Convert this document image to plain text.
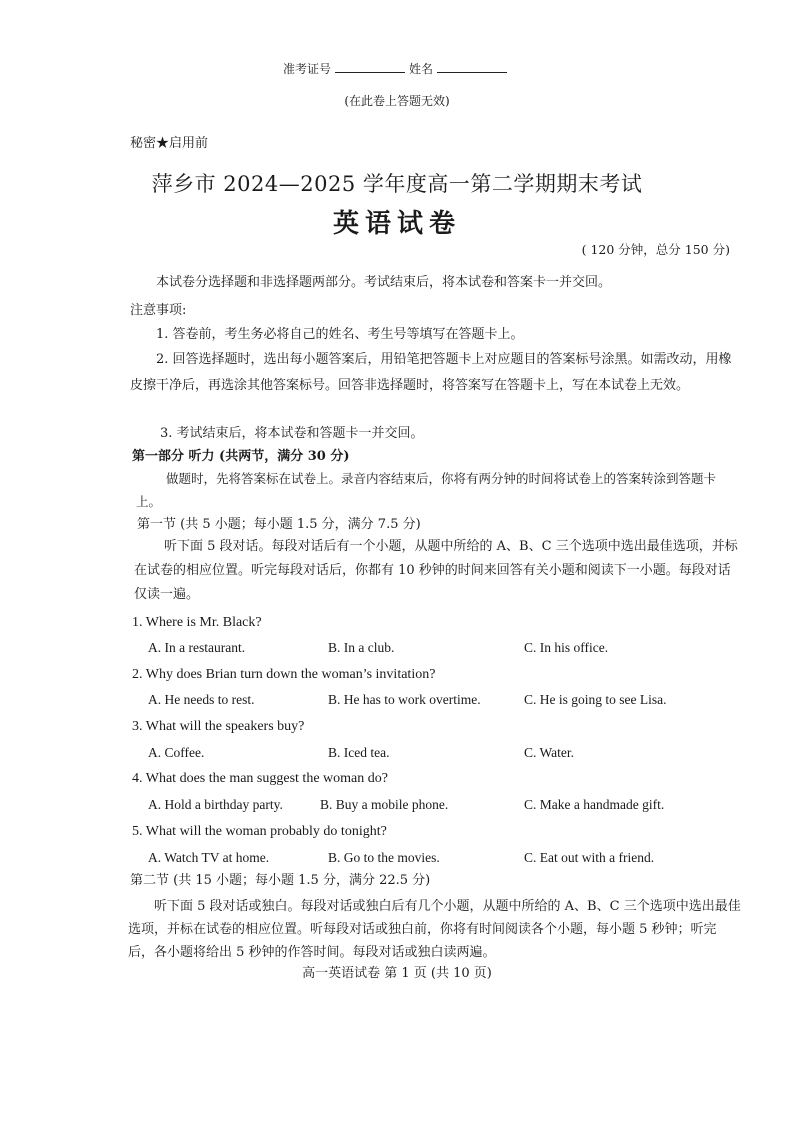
准考证号	姓名
(在此卷上答题无效)
秘密★启用前
萍乡市 2024—2025 学年度高一第二学期期末考试
英语试卷
( 120 分钟，总分 150 分)
本试卷分选择题和非选择题两部分。考试结束后，将本试卷和答案卡一并交回。
注意事项:
1. 答卷前，考生务必将自己的姓名、考生号等填写在答题卡上。
2. 回答选择题时，选出每小题答案后，用铅笔把答题卡上对应题目的答案标号涂黑。如需改动，用橡皮擦干净后，再选涂其他答案标号。回答非选择题时，将答案写在答题卡上，写在本试卷上无效。
3. 考试结束后，将本试卷和答题卡一并交回。
第一部分 听力 (共两节，满分 30 分)
做题时，先将答案标在试卷上。录音内容结束后，你将有两分钟的时间将试卷上的答案转涂到答题卡上。
第一节 (共 5 小题；每小题 1.5 分，满分 7.5 分)
听下面 5 段对话。每段对话后有一个小题，从题中所给的 A、B、C 三个选项中选出最佳选项，并标在试卷的相应位置。听完每段对话后，你都有 10 秒钟的时间来回答有关小题和阅读下一小题。每段对话仅读一遍。
1. Where is Mr. Black?
A. In a restaurant.	B. In a club.	C. In his office.
2. Why does Brian turn down the woman’s invitation?
A. He needs to rest.	B. He has to work overtime.	C. He is going to see Lisa.
3. What will the speakers buy?
A. Coffee.	B. Iced tea.	C. Water.
4. What does the man suggest the woman do?
A. Hold a birthday party.	B. Buy a mobile phone.	C. Make a handmade gift.
5. What will the woman probably do tonight?
A. Watch TV at home.	B. Go to the movies.	C. Eat out with a friend.
第二节 (共 15 小题；每小题 1.5 分，满分 22.5 分)
听下面 5 段对话或独白。每段对话或独白后有几个小题，从题中所给的 A、B、C 三个选项中选出最佳选项，并标在试卷的相应位置。听每段对话或独白前，你将有时间阅读各个小题，每小题 5 秒钟；听完后，各小题将给出 5 秒钟的作答时间。每段对话或独白读两遍。
高一英语试卷 第 1 页 (共 10 页)
